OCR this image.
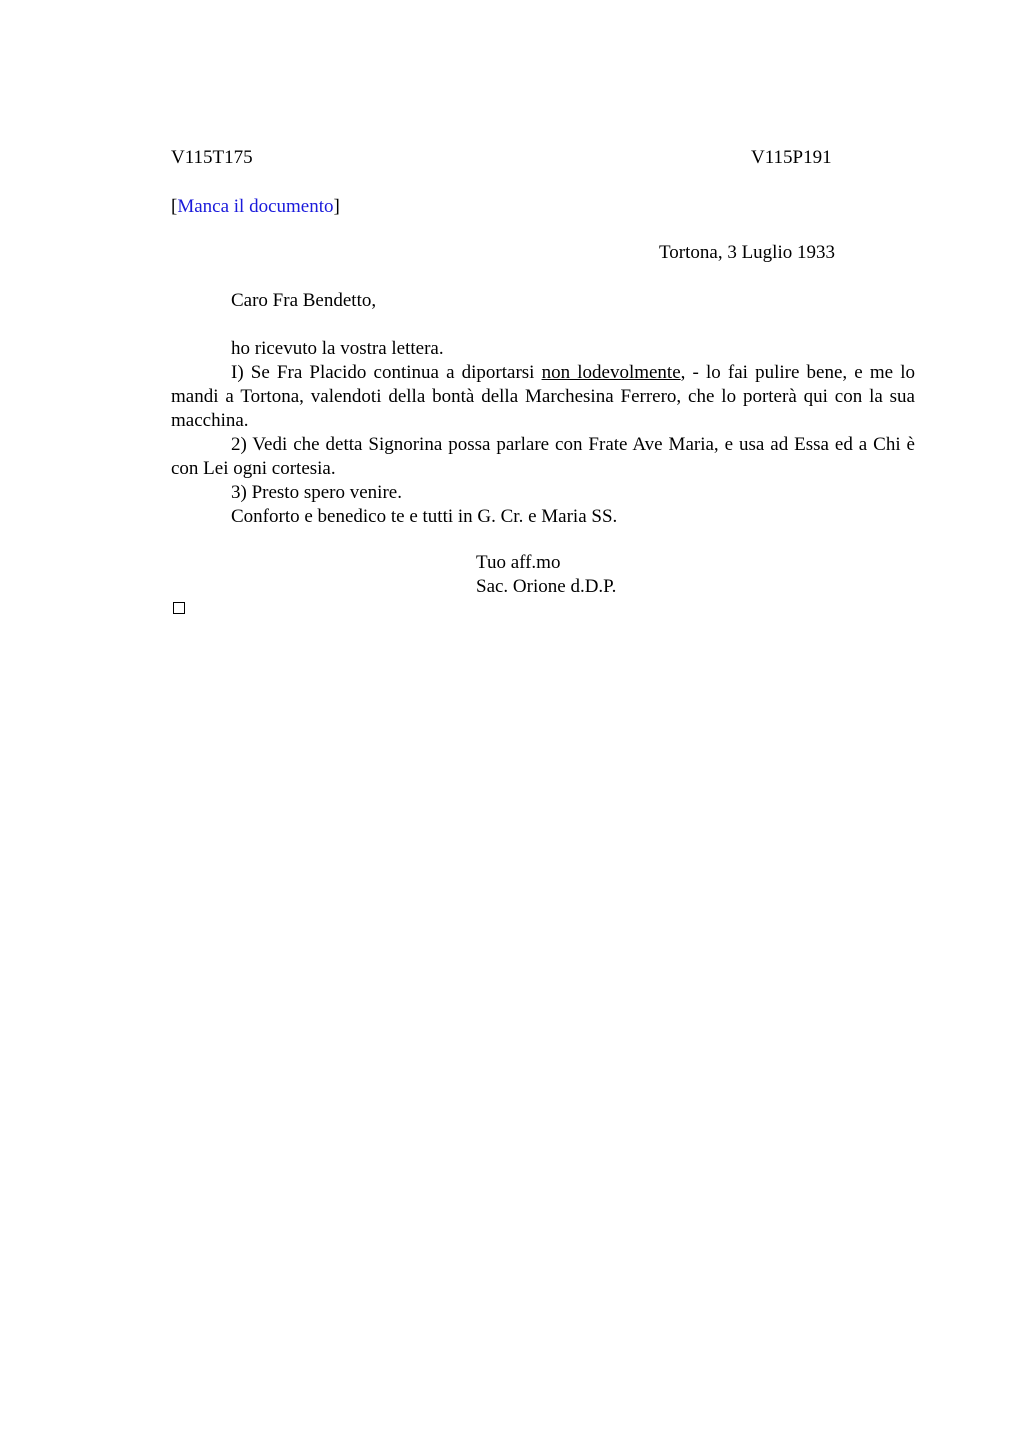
V115T175	V115P191
[Manca il documento]
Tortona, 3 Luglio 1933
Caro Fra Bendetto,

ho ricevuto la vostra lettera.

I) Se Fra Placido continua a diportarsi non lodevolmente, - lo fai pulire bene, e me lo mandi a Tortona, valendoti della bontà della Marchesina Ferrero, che lo porterà qui con la sua macchina.

2) Vedi che detta Signorina possa parlare con Frate Ave Maria, e usa ad Essa ed a Chi è con Lei ogni cortesia.

3) Presto spero venire.

Conforto e benedico te e tutti in G. Cr. e Maria SS.

Tuo aff.mo
Sac. Orione d.D.P.
